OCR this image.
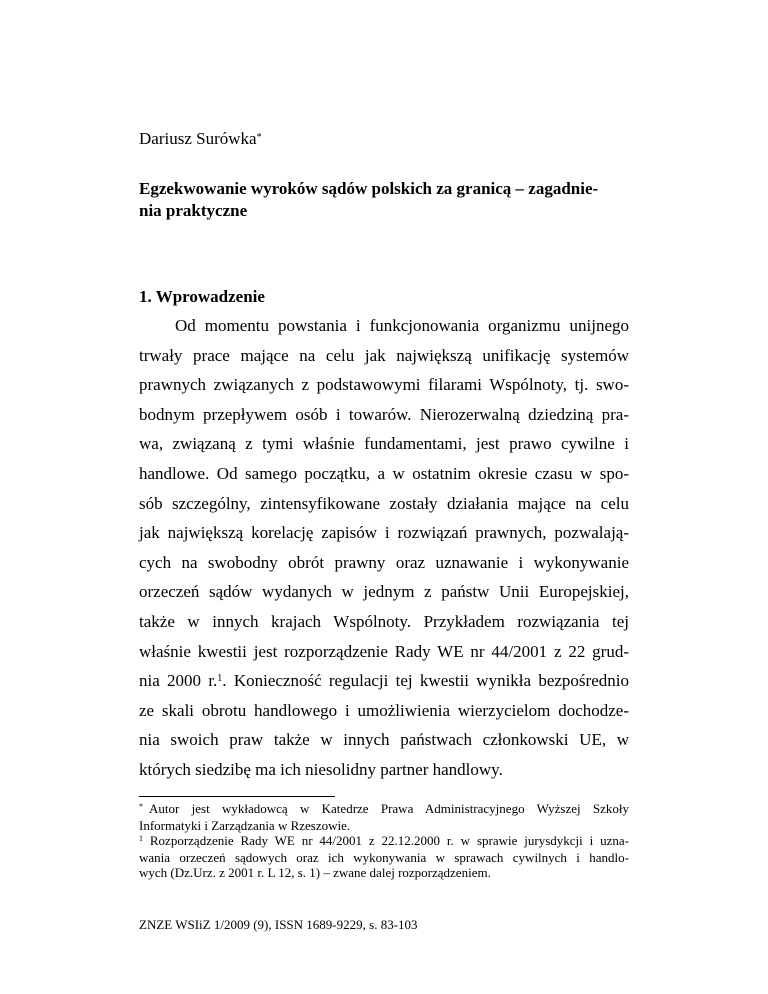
Dariusz Surówka*
Egzekwowanie wyroków sądów polskich za granicą – zagadnie-
nia praktyczne
1. Wprowadzenie
Od momentu powstania i funkcjonowania organizmu unijnego
trwały prace mające na celu jak największą unifikację systemów
prawnych związanych z podstawowymi filarami Wspólnoty, tj. swo-
bodnym przepływem osób i towarów. Nierozerwalną dziedziną pra-
wa, związaną z tymi właśnie fundamentami, jest prawo cywilne i
handlowe. Od samego początku, a w ostatnim okresie czasu w spo-
sób szczególny, zintensyfikowane zostały działania mające na celu
jak największą korelację zapisów i rozwiązań prawnych, pozwalają-
cych na swobodny obrót prawny oraz uznawanie i wykonywanie
orzeczeń sądów wydanych w jednym z państw Unii Europejskiej,
także w innych krajach Wspólnoty. Przykładem rozwiązania tej
właśnie kwestii jest rozporządzenie Rady WE nr 44/2001 z 22 grud-
nia 2000 r.$^1$. Konieczność regulacji tej kwestii wynikła bezpośrednio
ze skali obrotu handlowego i umożliwienia wierzycielom dochodze-
nia swoich praw także w innych państwach członkowski UE, w
których siedzibę ma ich niesolidny partner handlowy.
* Autor jest wykładowcą w Katedrze Prawa Administracyjnego Wyższej Szkoły
Informatyki i Zarządzania w Rzeszowie.
$^1$ Rozporządzenie Rady WE nr 44/2001 z 22.12.2000 r. w sprawie jurysdykcji i uzna-
wania orzeczeń sądowych oraz ich wykonywania w sprawach cywilnych i handlo-
wych (Dz.Urz. z 2001 r. L 12, s. 1) – zwane dalej rozporządzeniem.
ZNZE WSIiZ 1/2009 (9), ISSN 1689-9229, s. 83-103
